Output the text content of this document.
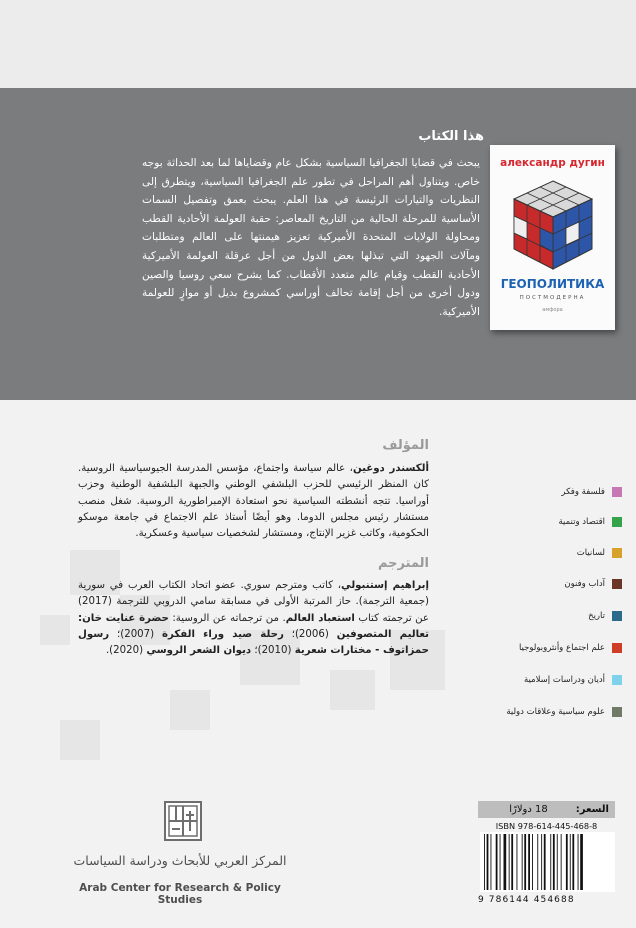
александр дугин
ГЕОПОЛИТИКА
ПОСТМОДЕРНА
амфора
هذا الكتاب
يبحث في قضايا الجغرافيا السياسية بشكل عام وقضاياها لما بعد الحداثة بوجه خاص. ويتناول أهم المراحل في تطور علم الجغرافيا السياسية، ويتطرق إلى النظريات والتيارات الرئيسة في هذا العلم. يبحث بعمق وتفصيل السمات الأساسية للمرحلة الحالية من التاريخ المعاصر: حقبة العولمة الأحادية القطب ومحاولة الولايات المتحدة الأميركية تعزيز هيمنتها على العالم ومتطلبات ومآلات الجهود التي تبذلها بعض الدول من أجل عرقلة العولمة الأميركية الأحادية القطب وقيام عالم متعدد الأقطاب. كما يشرح سعي روسيا والصين ودول أخرى من أجل إقامة تحالف أوراسي كمشروع بديل أو موازٍ للعولمة الأميركية.
المؤلف
ألكسندر دوغين، عالم سياسة واجتماع، مؤسس المدرسة الجيوسياسية الروسية. كان المنظر الرئيسي للحزب البلشفي الوطني والجبهة البلشفية الوطنية وحزب أوراسيا. تتجه أنشطته السياسية نحو استعادة الإمبراطورية الروسية. شغل منصب مستشار رئيس مجلس الدوما. وهو أيضًا أستاذ علم الاجتماع في جامعة موسكو الحكومية، وكاتب غزير الإنتاج، ومستشار لشخصيات سياسية وعسكرية.
المترجم
إبراهيم إستنبولي، كاتب ومترجم سوري. عضو اتحاد الكتاب العرب في سورية (جمعية الترجمة). حاز المرتبة الأولى في مسابقة سامي الدروبي للترجمة (2017) عن ترجمته كتاب استعباد العالم. من ترجماته عن الروسية: حضرة عنايت خان: تعاليم المتصوفين (2006)؛ رحلة صيد وراء الفكرة (2007)؛ رسول حمزاتوف - مختارات شعرية (2010)؛ ديوان الشعر الروسي (2020).
فلسفة وفكر
اقتصاد وتنمية
لسانيات
آداب وفنون
تاريخ
علم اجتماع وأنثروبولوجيا
أديان ودراسات إسلامية
علوم سياسية وعلاقات دولية
السعر:
18 دولارًا
ISBN 978-614-445-468-8
9 786144 454688
المركز العربي للأبحاث ودراسة السياسات
Arab Center for Research & Policy Studies
